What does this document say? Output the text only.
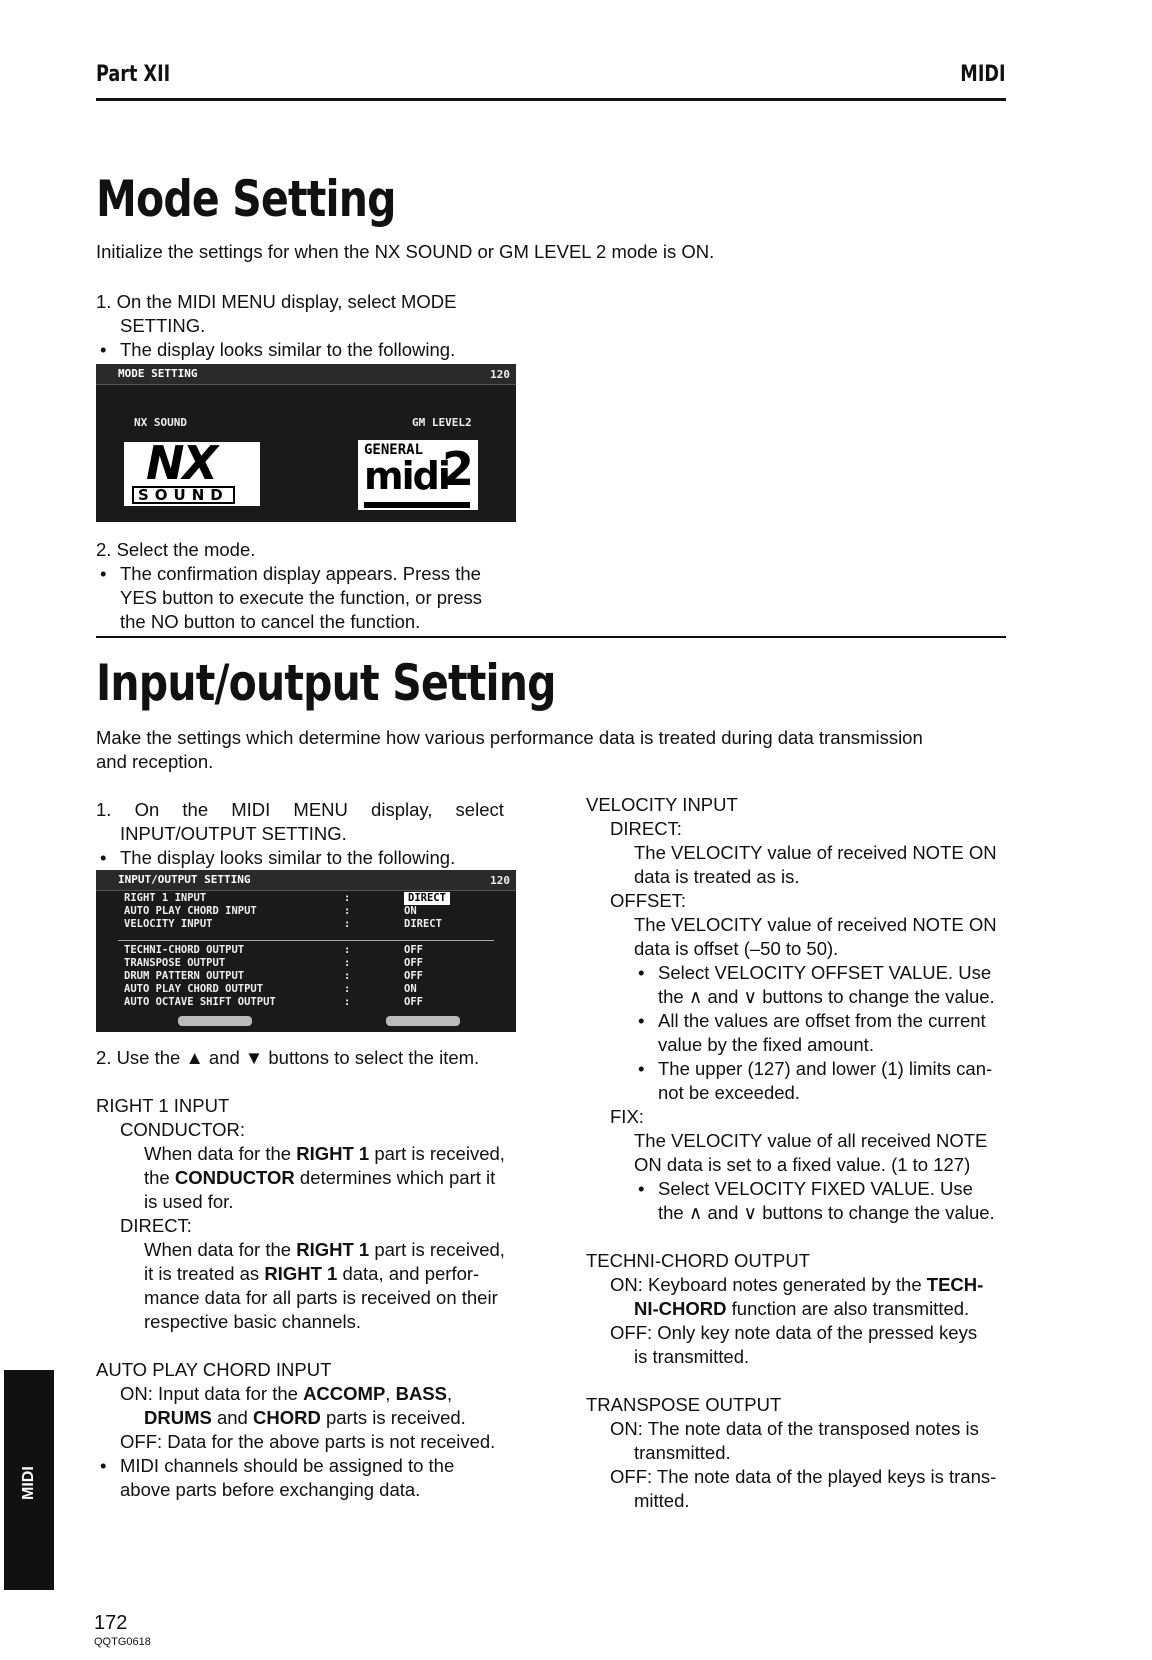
Part XII	MIDI
Mode Setting
Initialize the settings for when the NX SOUND or GM LEVEL 2 mode is ON.

1. On the MIDI MENU display, select MODE

SETTING.

• The display looks similar to the following.

MODE SETTING	120
NX SOUND	GM LEVEL2
NX
SOUND
GENERAL
midi
2

2. Select the mode.

• The confirmation display appears. Press the

YES button to execute the function, or press

the NO button to cancel the function.

Input/output Setting

Make the settings which determine how various performance data is treated during data transmission

and reception.

1. On the MIDI MENU display, select

INPUT/OUTPUT SETTING.

• The display looks similar to the following.

INPUT/OUTPUT SETTING	120
RIGHT 1 INPUT	:	DIRECT
AUTO PLAY CHORD INPUT	:	ON
VELOCITY INPUT	:	DIRECT
TECHNI-CHORD OUTPUT	:	OFF
TRANSPOSE OUTPUT	:	OFF
DRUM PATTERN OUTPUT	:	OFF
AUTO PLAY CHORD OUTPUT	:	ON
AUTO OCTAVE SHIFT OUTPUT	:	OFF

2. Use the ▲ and ▼ buttons to select the item.

RIGHT 1 INPUT

CONDUCTOR:

When data for the RIGHT 1 part is received,

the CONDUCTOR determines which part it

is used for.

DIRECT:

When data for the RIGHT 1 part is received,

it is treated as RIGHT 1 data, and perfor-

mance data for all parts is received on their

respective basic channels.

AUTO PLAY CHORD INPUT

ON: Input data for the ACCOMP, BASS,

DRUMS and CHORD parts is received.

OFF: Data for the above parts is not received.

• MIDI channels should be assigned to the

above parts before exchanging data.

VELOCITY INPUT

DIRECT:

The VELOCITY value of received NOTE ON

data is treated as is.

OFFSET:

The VELOCITY value of received NOTE ON

data is offset (–50 to 50).

• Select VELOCITY OFFSET VALUE. Use

the ∧ and ∨ buttons to change the value.

• All the values are offset from the current

value by the fixed amount.

• The upper (127) and lower (1) limits can-

not be exceeded.

FIX:

The VELOCITY value of all received NOTE

ON data is set to a fixed value. (1 to 127)

• Select VELOCITY FIXED VALUE. Use

the ∧ and ∨ buttons to change the value.

TECHNI-CHORD OUTPUT

ON: Keyboard notes generated by the TECH-

NI-CHORD function are also transmitted.

OFF: Only key note data of the pressed keys

is transmitted.

TRANSPOSE OUTPUT

ON: The note data of the transposed notes is

transmitted.

OFF: The note data of the played keys is trans-

mitted.

MIDI
172
QQTG0618
